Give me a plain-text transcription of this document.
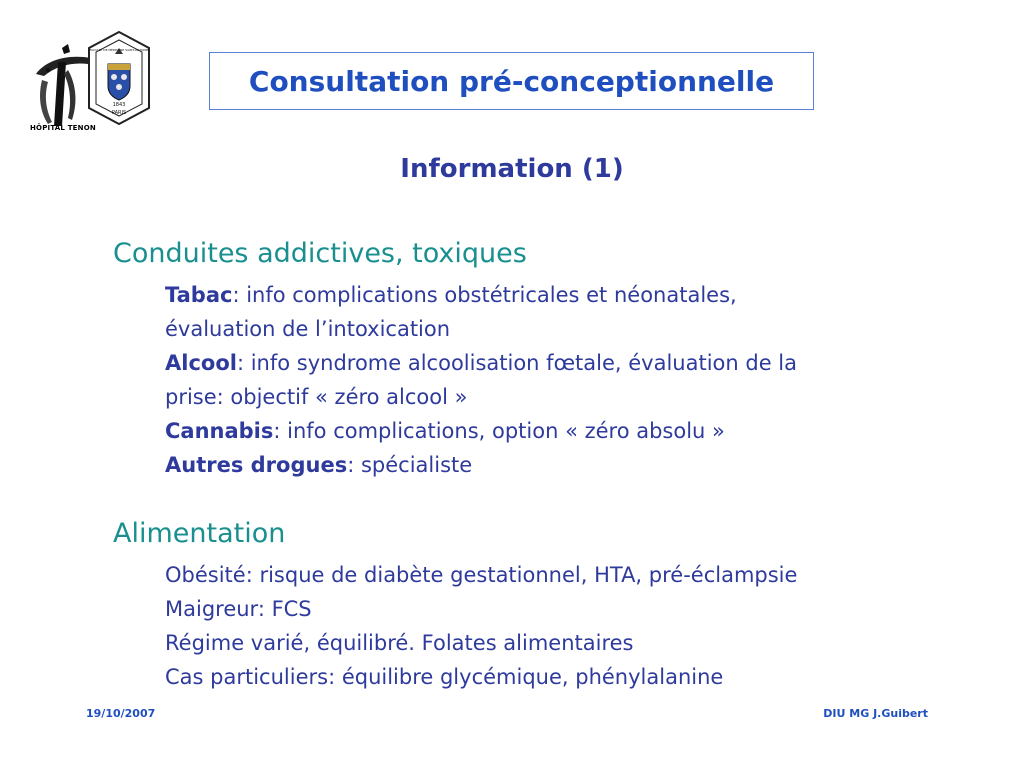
HÔPITAL TENON
FACULTÉ DE MÉDECINE SAINT-ANTOINE
1843
PARIS
Consultation pré-conceptionnelle
Information (1)
Conduites addictives, toxiques
Tabac: info complications obstétricales et néonatales,
évaluation de l’intoxication
Alcool: info syndrome alcoolisation fœtale, évaluation de la
prise: objectif « zéro alcool »
Cannabis: info complications, option « zéro absolu »
Autres drogues: spécialiste
Alimentation
Obésité: risque de diabète gestationnel, HTA, pré-éclampsie
Maigreur: FCS
Régime varié, équilibré. Folates alimentaires
Cas particuliers: équilibre glycémique, phénylalanine
19/10/2007	DIU MG J.Guibert
